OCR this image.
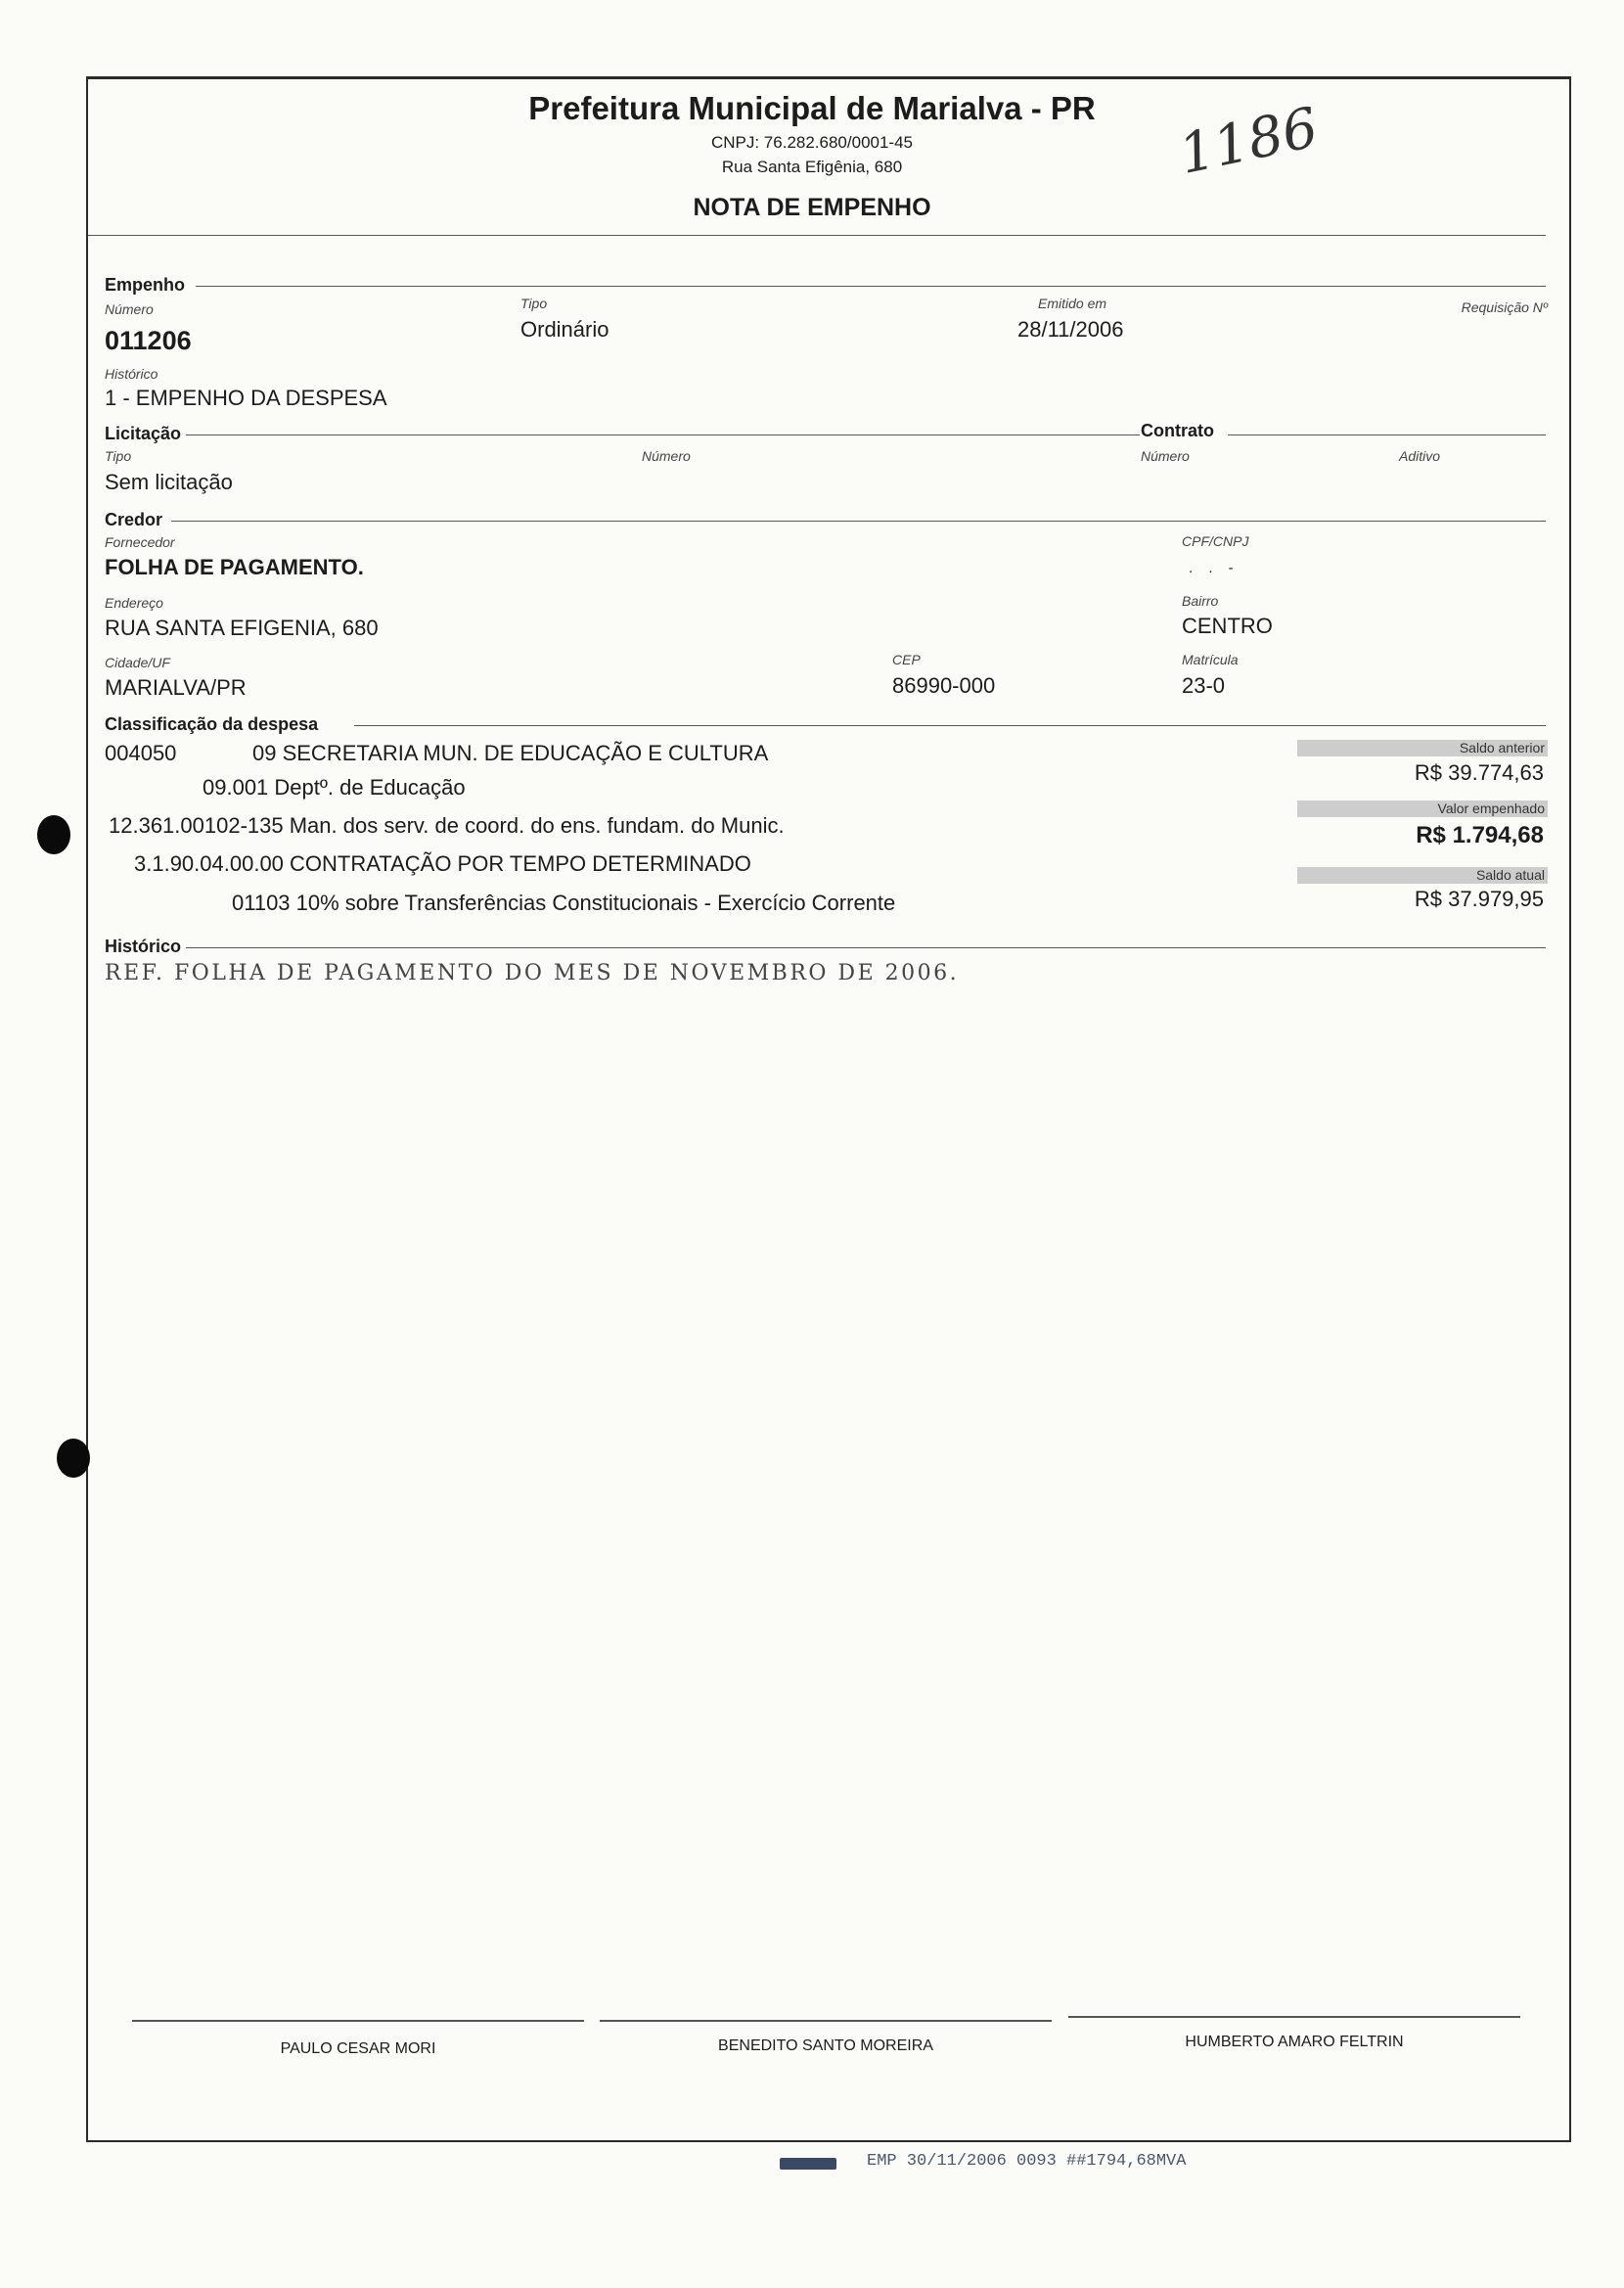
Prefeitura Municipal de Marialva - PR
CNPJ: 76.282.680/0001-45
Rua Santa Efigênia, 680
NOTA DE EMPENHO
1186
Empenho
Número
011206
Tipo
Ordinário
Emitido em
28/11/2006
Requisição Nº
Histórico
1 - EMPENHO DA DESPESA
Licitação	Contrato
Tipo
Sem licitação
Número	Número	Aditivo
Credor
Fornecedor
FOLHA DE PAGAMENTO.
CPF/CNPJ
. . -
Endereço
RUA SANTA EFIGENIA, 680
Bairro
CENTRO
Cidade/UF
MARIALVA/PR
CEP
86990-000
Matrícula
23-0
Classificação da despesa
004050	09 SECRETARIA MUN. DE EDUCAÇÃO E CULTURA
09.001 Deptº. de Educação
12.361.00102-135 Man. dos serv. de coord. do ens. fundam. do Munic.
3.1.90.04.00.00 CONTRATAÇÃO POR TEMPO DETERMINADO
01103 10% sobre Transferências Constitucionais - Exercício Corrente
Saldo anterior
R$ 39.774,63
Valor empenhado
R$ 1.794,68
Saldo atual
R$ 37.979,95
Histórico
REF. FOLHA DE PAGAMENTO DO MES DE NOVEMBRO DE 2006.
PAULO CESAR MORI	BENEDITO SANTO MOREIRA	HUMBERTO AMARO FELTRIN
EMP 30/11/2006 0093 ##1794,68MVA
